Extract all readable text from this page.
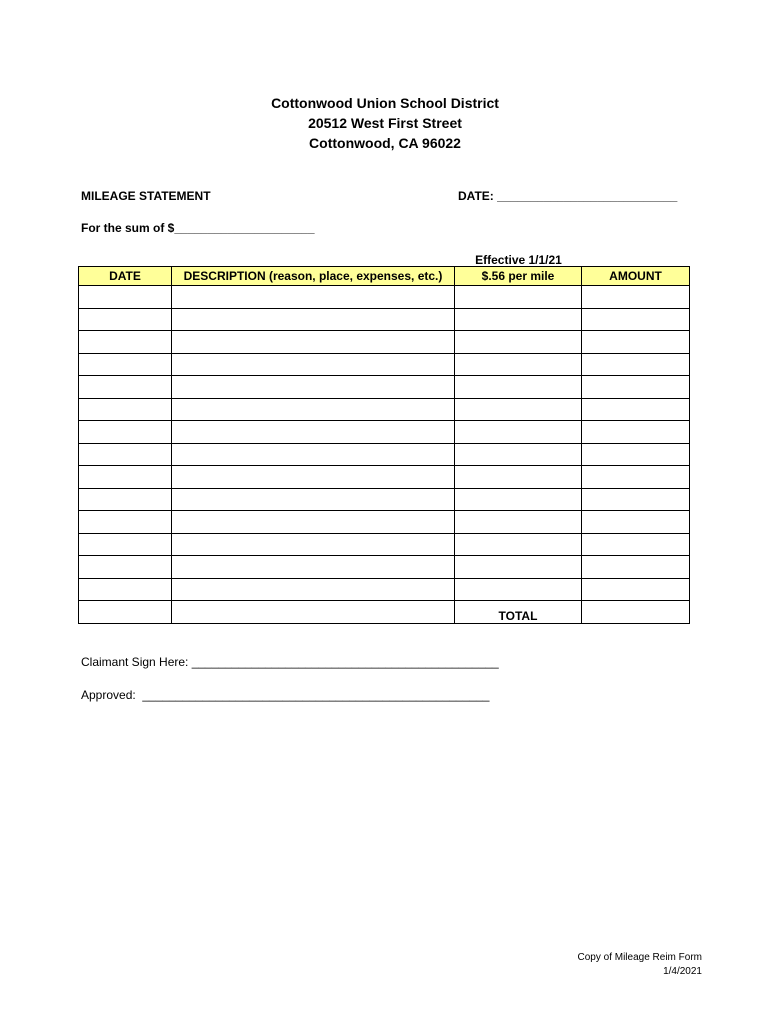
Cottonwood Union School District
20512 West First Street
Cottonwood, CA 96022
MILEAGE STATEMENT	DATE: ___________________________
For the sum of $_____________________
Effective 1/1/21
DATE	DESCRIPTION (reason, place, expenses, etc.)	$.56 per mile	AMOUNT

		TOTAL	
Claimant Sign Here: ______________________________________________
Approved:  ____________________________________________________
Copy of Mileage Reim Form
1/4/2021
